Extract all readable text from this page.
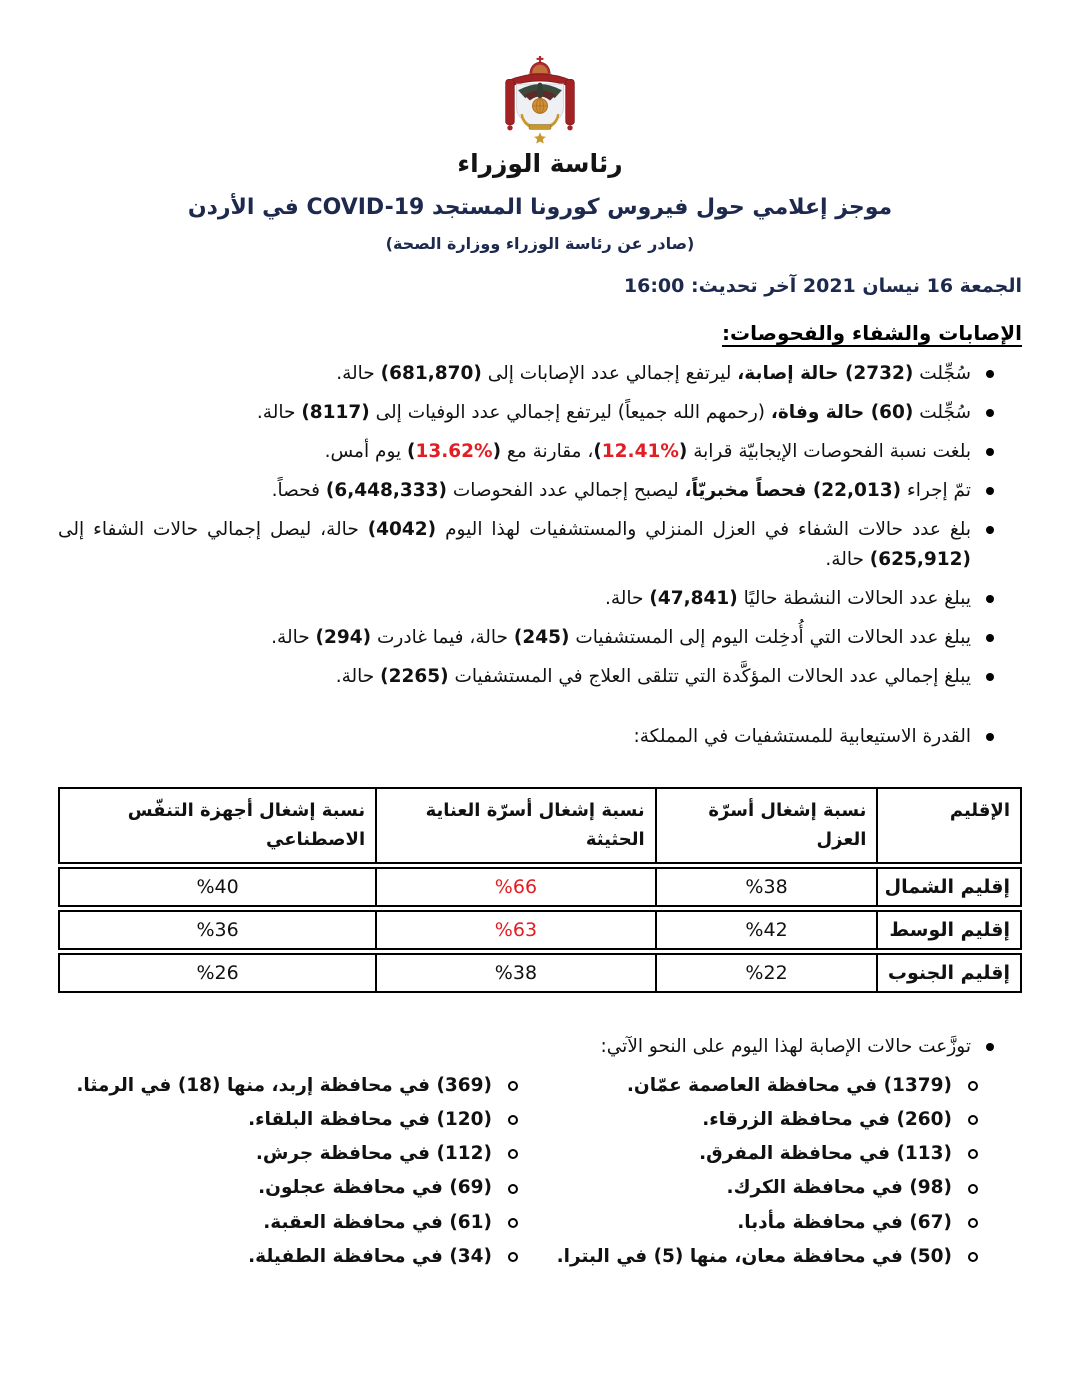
رئاسة الوزراء
موجز إعلامي حول فيروس كورونا المستجد COVID-19 في الأردن
(صادر عن رئاسة الوزراء ووزارة الصحة)
الجمعة 16 نيسان 2021 آخر تحديث: 16:00
الإصابات والشفاء والفحوصات:

سُجِّلت (2732) حالة إصابة، ليرتفع إجمالي عدد الإصابات إلى (681,870) حالة.

سُجِّلت (60) حالة وفاة، (رحمهم الله جميعاً) ليرتفع إجمالي عدد الوفيات إلى (8117) حالة.

بلغت نسبة الفحوصات الإيجابيّة قرابة (%12.41)، مقارنة مع (%13.62) يوم أمس.

تمّ إجراء (22,013) فحصاً مخبريّاً، ليصبح إجمالي عدد الفحوصات (6,448,333) فحصاً.

بلغ عدد حالات الشفاء في العزل المنزلي والمستشفيات لهذا اليوم (4042) حالة، ليصل إجمالي حالات الشفاء إلى (625,912) حالة.

يبلغ عدد الحالات النشطة حاليًا (47,841) حالة.

يبلغ عدد الحالات التي أُدخِلت اليوم إلى المستشفيات (245) حالة، فيما غادرت (294) حالة.

يبلغ إجمالي عدد الحالات المؤكَّدة التي تتلقى العلاج في المستشفيات (2265) حالة.

القدرة الاستيعابية للمستشفيات في المملكة:

الإقليم	نسبة إشغال أسرّة العزل	نسبة إشغال أسرّة العناية الحثيثة	نسبة إشغال أجهزة التنفّس الاصطناعي
إقليم الشمال	%38	%66	%40
إقليم الوسط	%42	%63	%36
إقليم الجنوب	%22	%38	%26

توزَّعت حالات الإصابة لهذا اليوم على النحو الآتي:

(1379) في محافظة العاصمة عمّان.
(260) في محافظة الزرقاء.
(113) في محافظة المفرق.
(98) في محافظة الكرك.
(67) في محافظة مأدبا.
(50) في محافظة معان، منها (5) في البترا.
(369) في محافظة إربد، منها (18) في الرمثا.
(120) في محافظة البلقاء.
(112) في محافظة جرش.
(69) في محافظة عجلون.
(61) في محافظة العقبة.
(34) في محافظة الطفيلة.
